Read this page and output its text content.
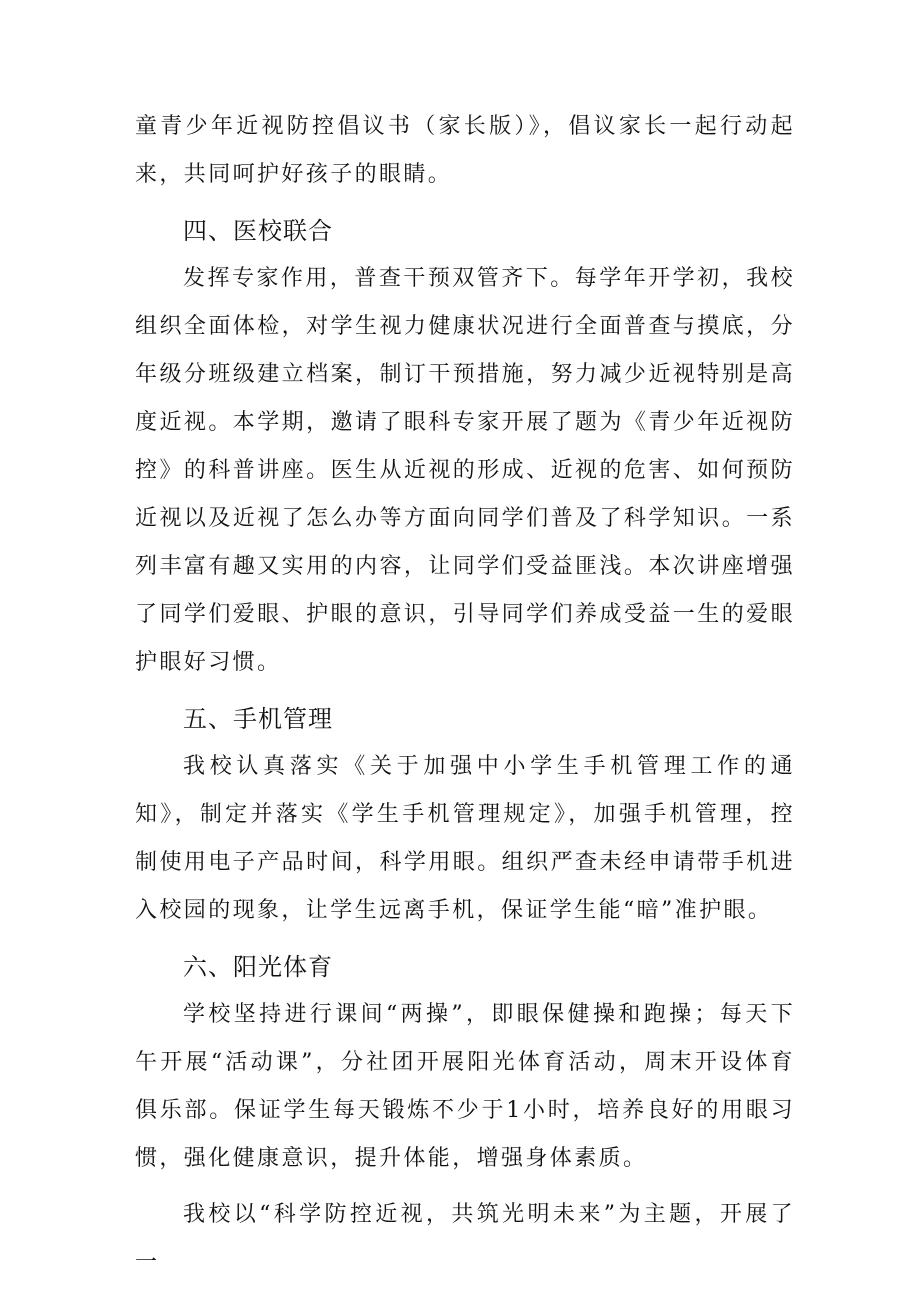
童青少年近视防控倡议书（家长版）》，倡议家长一起行动起来，共同呵护好孩子的眼睛。

四、医校联合

发挥专家作用，普查干预双管齐下。每学年开学初，我校组织全面体检，对学生视力健康状况进行全面普查与摸底，分年级分班级建立档案，制订干预措施，努力减少近视特别是高度近视。本学期，邀请了眼科专家开展了题为《青少年近视防控》的科普讲座。医生从近视的形成、近视的危害、如何预防近视以及近视了怎么办等方面向同学们普及了科学知识。一系列丰富有趣又实用的内容，让同学们受益匪浅。本次讲座增强了同学们爱眼、护眼的意识，引导同学们养成受益一生的爱眼护眼好习惯。

五、手机管理

我校认真落实《关于加强中小学生手机管理工作的通知》，制定并落实《学生手机管理规定》，加强手机管理，控制使用电子产品时间，科学用眼。组织严查未经申请带手机进入校园的现象，让学生远离手机，保证学生能“暗”准护眼。

六、阳光体育

学校坚持进行课间“两操”，即眼保健操和跑操；每天下午开展“活动课”，分社团开展阳光体育活动，周末开设体育俱乐部。保证学生每天锻炼不少于1小时，培养良好的用眼习惯，强化健康意识，提升体能，增强身体素质。

我校以“科学防控近视，共筑光明未来”为主题，开展了一
